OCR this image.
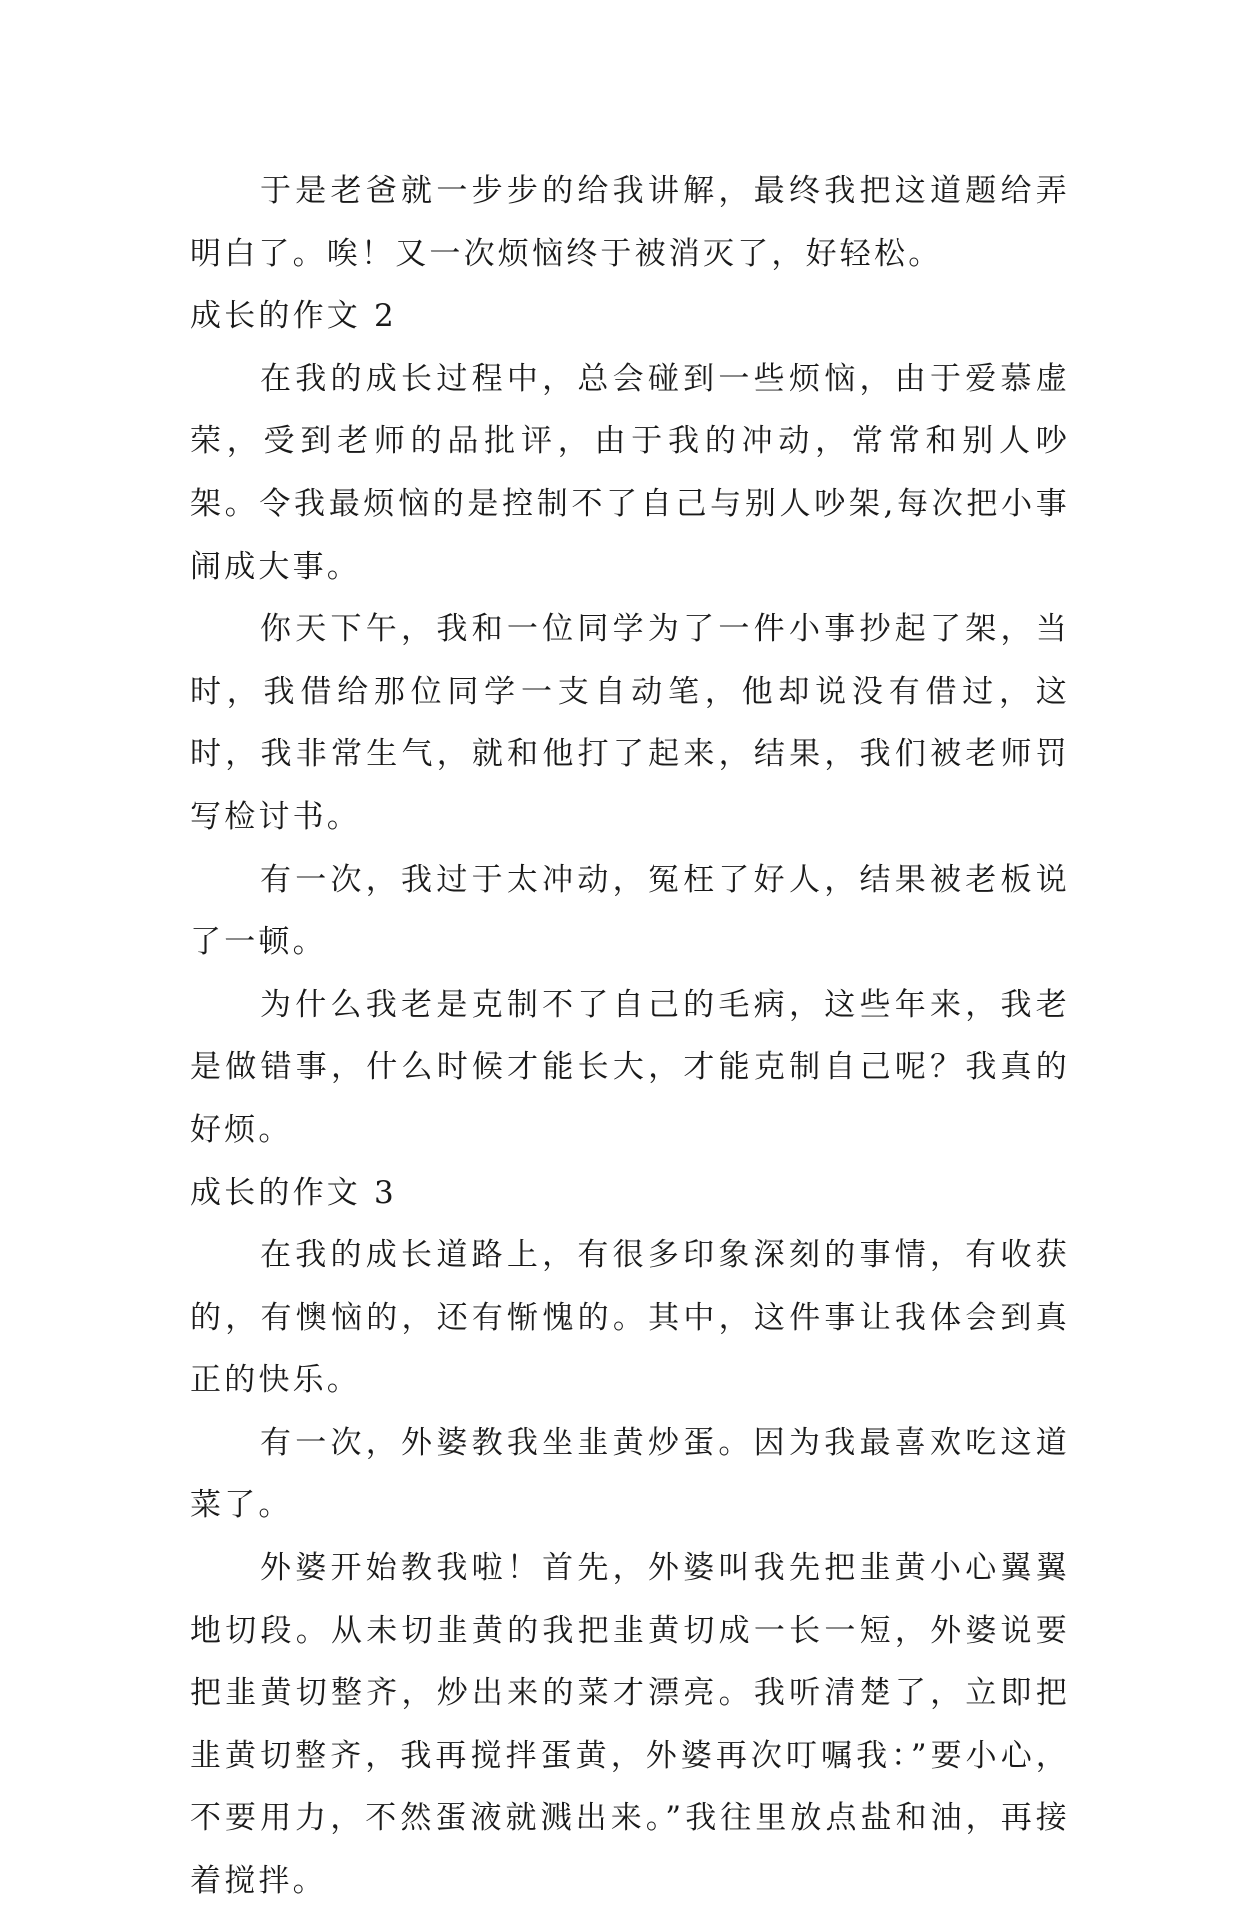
于是老爸就一步步的给我讲解，最终我把这道题给弄明白了。唉！又一次烦恼终于被消灭了，好轻松。

成长的作文 2

在我的成长过程中，总会碰到一些烦恼，由于爱慕虚荣，受到老师的品批评，由于我的冲动，常常和别人吵架。令我最烦恼的是控制不了自己与别人吵架,每次把小事闹成大事。

你天下午，我和一位同学为了一件小事抄起了架，当时，我借给那位同学一支自动笔，他却说没有借过，这时，我非常生气，就和他打了起来，结果，我们被老师罚写检讨书。

有一次，我过于太冲动，冤枉了好人，结果被老板说了一顿。

为什么我老是克制不了自己的毛病，这些年来，我老是做错事，什么时候才能长大，才能克制自己呢？我真的好烦。

成长的作文 3

在我的成长道路上，有很多印象深刻的事情，有收获的，有懊恼的，还有惭愧的。其中，这件事让我体会到真正的快乐。

有一次，外婆教我坐韭黄炒蛋。因为我最喜欢吃这道菜了。

外婆开始教我啦！首先，外婆叫我先把韭黄小心翼翼地切段。从未切韭黄的我把韭黄切成一长一短，外婆说要把韭黄切整齐，炒出来的菜才漂亮。我听清楚了，立即把韭黄切整齐，我再搅拌蛋黄，外婆再次叮嘱我：”要小心，不要用力，不然蛋液就溅出来。”我往里放点盐和油，再接着搅拌。
